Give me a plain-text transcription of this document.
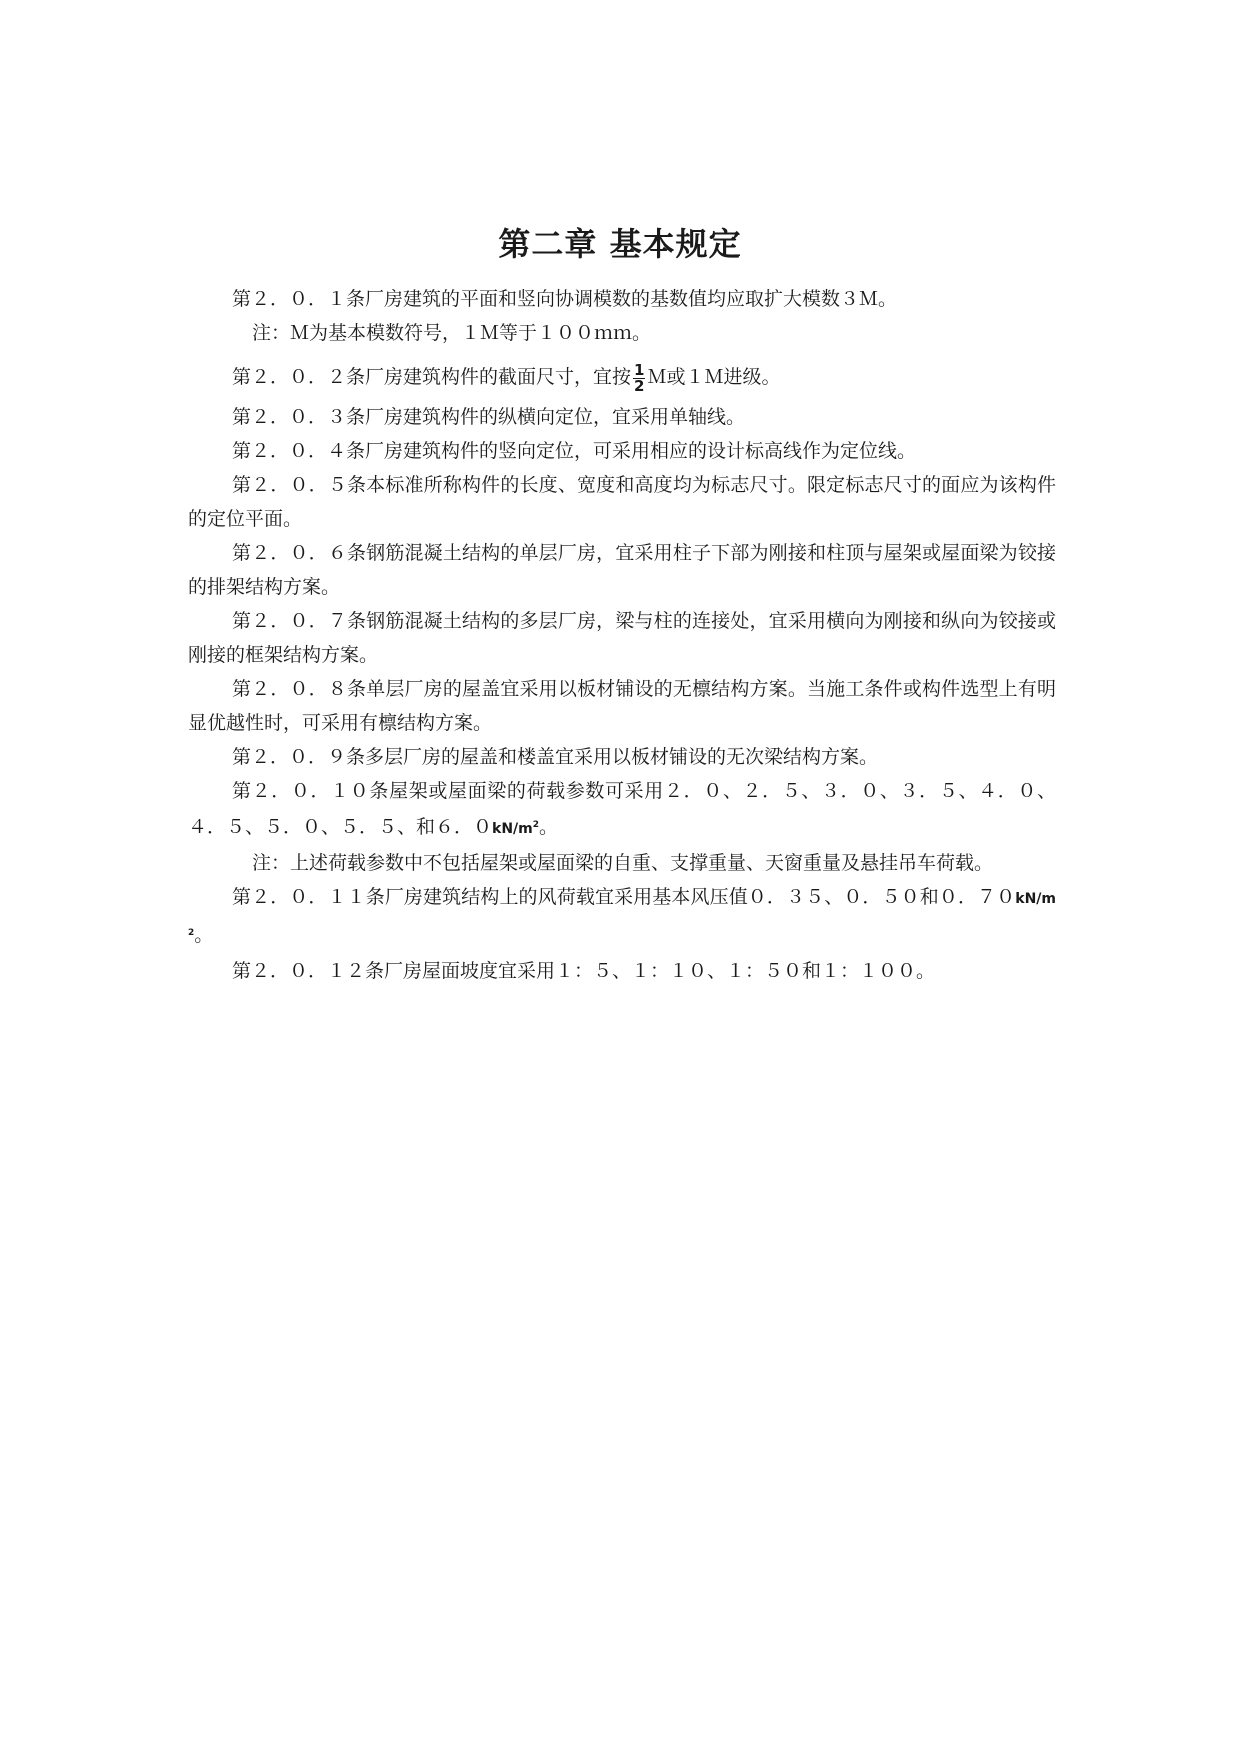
第二章 基本规定

第２．０．１条厂房建筑的平面和竖向协调模数的基数值均应取扩大模数３Ｍ。

注：Ｍ为基本模数符号，１Ｍ等于１００ｍｍ。

第２．０．２条厂房建筑构件的截面尺寸，宜按 $\frac{1}{2}$ Ｍ或１Ｍ进级。

第２．０．３条厂房建筑构件的纵横向定位，宜采用单轴线。

第２．０．４条厂房建筑构件的竖向定位，可采用相应的设计标高线作为定位线。

第２．０．５条本标准所称构件的长度、宽度和高度均为标志尺寸。限定标志尺寸的面应为该构件的定位平面。

第２．０．６条钢筋混凝土结构的单层厂房，宜采用柱子下部为刚接和柱顶与屋架或屋面梁为铰接的排架结构方案。

第２．０．７条钢筋混凝土结构的多层厂房，梁与柱的连接处，宜采用横向为刚接和纵向为铰接或刚接的框架结构方案。

第２．０．８条单层厂房的屋盖宜采用以板材铺设的无檩结构方案。当施工条件或构件选型上有明显优越性时，可采用有檩结构方案。

第２．０．９条多层厂房的屋盖和楼盖宜采用以板材铺设的无次梁结构方案。

第２．０．１０条屋架或屋面梁的荷载参数可采用２．０、２．５、３．０、３．５、４．０、４．５、５．０、５．５、和６．$0kN/m^2$。

注：上述荷载参数中不包括屋架或屋面梁的自重、支撑重量、天窗重量及悬挂吊车荷载。

第２．０．１１条厂房建筑结构上的风荷载宜采用基本风压值０．３５、０．５０和０．$70kN/m^2$。

第２．０．１２条厂房屋面坡度宜采用１：５、１：１０、１：５０和１：１００。
